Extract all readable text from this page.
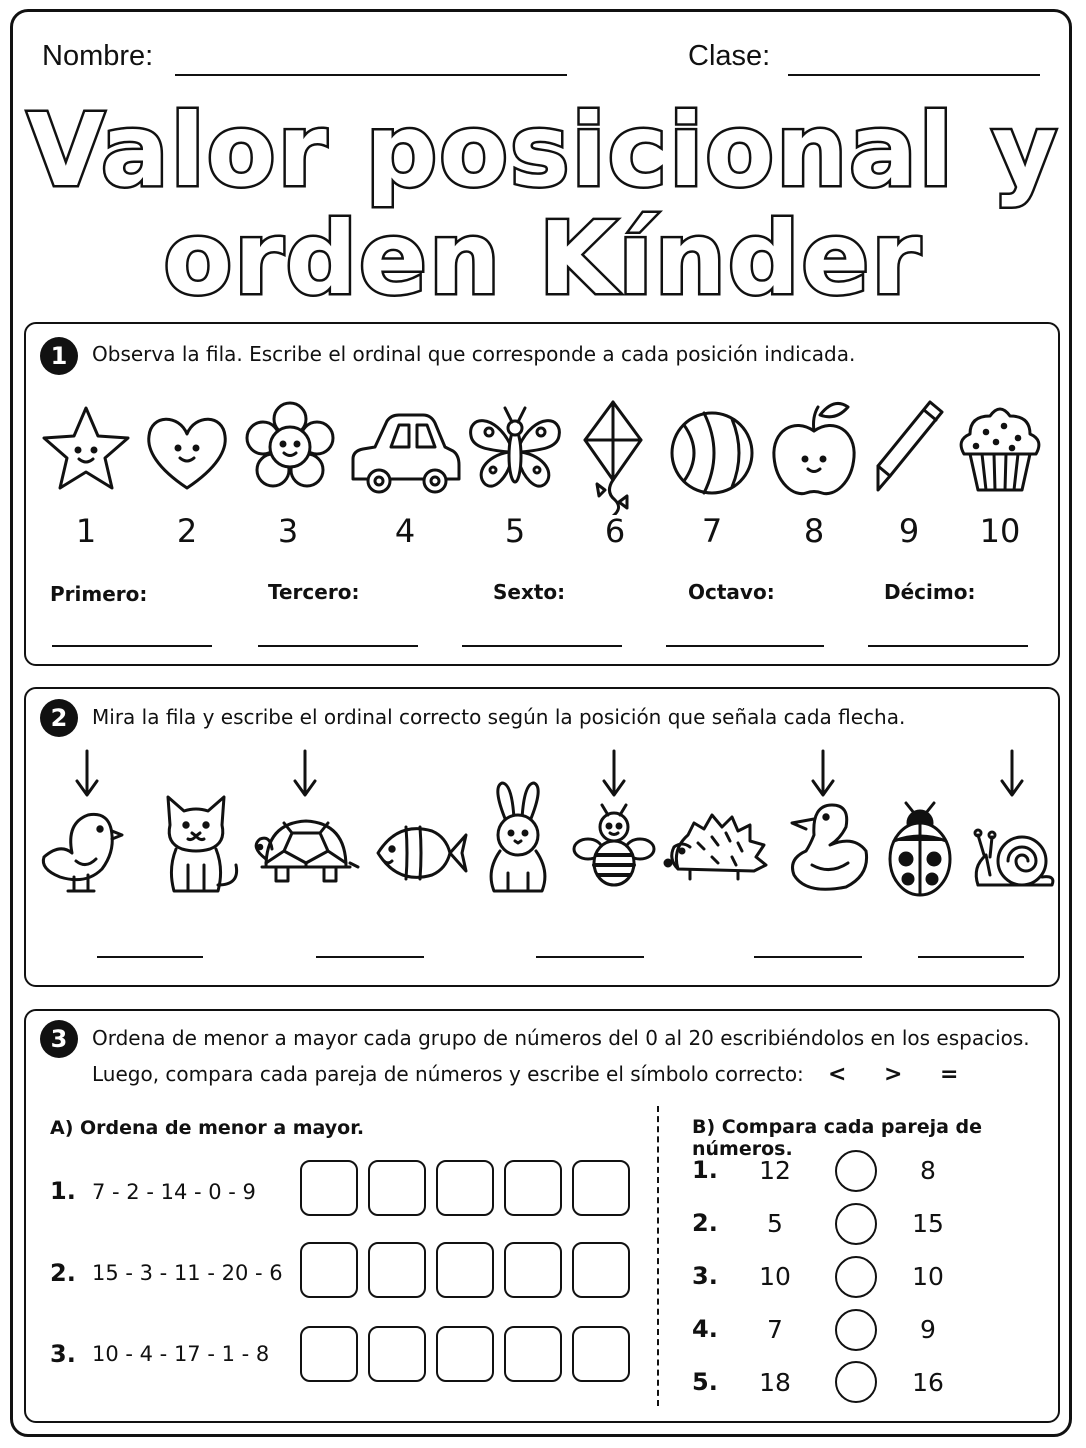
Nombre:	Clase:
Valor posicional y
orden Kínder
1	Observa la fila. Escribe el ordinal que corresponde a cada posición indicada.
1	2	3	4	5	6	7	8	9	10
Primero:	Tercero:	Sexto:	Octavo:	Décimo:
2	Mira la fila y escribe el ordinal correcto según la posición que señala cada flecha.
3	Ordena de menor a mayor cada grupo de números del 0 al 20 escribiéndolos en los espacios.
Luego, compara cada pareja de números y escribe el símbolo correcto: < > =
A) Ordena de menor a mayor.
1. 7 - 2 - 14 - 0 - 9
2. 15 - 3 - 11 - 20 - 6
3. 10 - 4 - 17 - 1 - 8
B) Compara cada pareja de números.
1.	12	8
2.	5	15
3.	10	10
4.	7	9
5.	18	16
